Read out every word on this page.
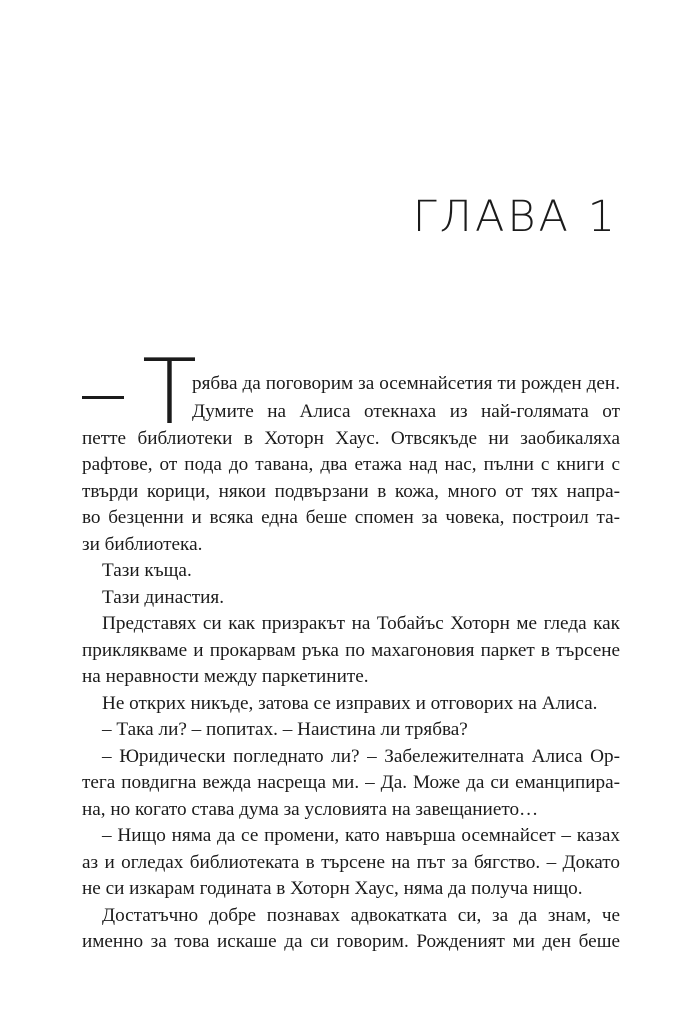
ГЛАВА 1
Т
рябва да поговорим за осемнайсетия ти рожден ден.
Думите на Алиса отекнаха из най-голямата от
петте библиотеки в Хоторн Хаус. Отвсякъде ни заобикаляха
рафтове, от пода до тавана, два етажа над нас, пълни с книги с
твърди корици, някои подвързани в кожа, много от тях напра-
во безценни и всяка една беше спомен за човека, построил та-
зи библиотека.
Тази къща.
Тази династия.
Представях си как призракът на Тобайъс Хоторн ме гледа как
приклякваме и прокарвам ръка по махагоновия паркет в търсене
на неравности между паркетините.
Не открих никъде, затова се изправих и отговорих на Алиса.
– Така ли? – попитах. – Наистина ли трябва?
– Юридически погледнато ли? – Забележителната Алиса Ор-
тега повдигна вежда насреща ми. – Да. Може да си еманципира-
на, но когато става дума за условията на завещанието…
– Нищо няма да се промени, като навърша осемнайсет – казах
аз и огледах библиотеката в търсене на път за бягство. – Докато
не си изкарам годината в Хоторн Хаус, няма да получа нищо.
Достатъчно добре познавах адвокатката си, за да знам, че
именно за това искаше да си говорим. Рожденият ми ден беше
